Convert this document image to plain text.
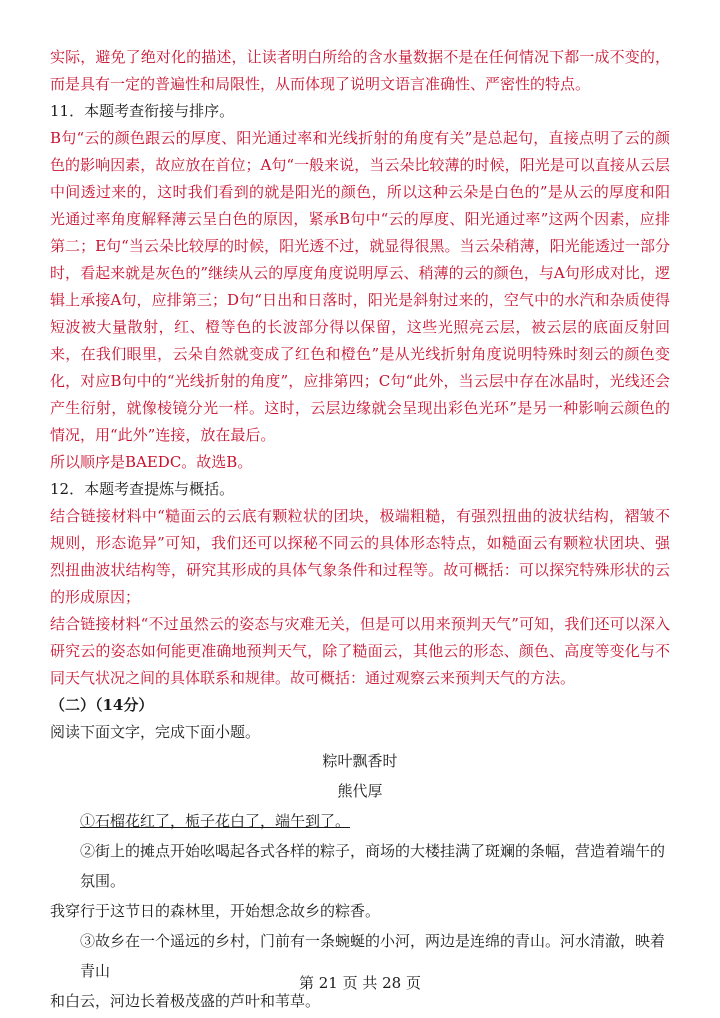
实际，避免了绝对化的描述，让读者明白所给的含水量数据不是在任何情况下都一成不变的，而是具有一定的普遍性和局限性，从而体现了说明文语言准确性、严密性的特点。

11．本题考查衔接与排序。

B句“云的颜色跟云的厚度、阳光通过率和光线折射的角度有关”是总起句，直接点明了云的颜色的影响因素，故应放在首位；A句“一般来说，当云朵比较薄的时候，阳光是可以直接从云层中间透过来的，这时我们看到的就是阳光的颜色，所以这种云朵是白色的”是从云的厚度和阳光通过率角度解释薄云呈白色的原因，紧承B句中“云的厚度、阳光通过率”这两个因素，应排第二；E句“当云朵比较厚的时候，阳光透不过，就显得很黑。当云朵稍薄，阳光能透过一部分时，看起来就是灰色的”继续从云的厚度角度说明厚云、稍薄的云的颜色，与A句形成对比，逻辑上承接A句，应排第三；D句“日出和日落时，阳光是斜射过来的，空气中的水汽和杂质使得短波被大量散射，红、橙等色的长波部分得以保留，这些光照亮云层，被云层的底面反射回来，在我们眼里，云朵自然就变成了红色和橙色”是从光线折射角度说明特殊时刻云的颜色变化，对应B句中的“光线折射的角度”，应排第四；C句“此外，当云层中存在冰晶时，光线还会产生衍射，就像棱镜分光一样。这时，云层边缘就会呈现出彩色光环”是另一种影响云颜色的情况，用“此外”连接，放在最后。

所以顺序是BAEDC。故选B。

12．本题考查提炼与概括。

结合链接材料中“糙面云的云底有颗粒状的团块，极端粗糙，有强烈扭曲的波状结构，褶皱不规则，形态诡异”可知，我们还可以探秘不同云的具体形态特点，如糙面云有颗粒状团块、强烈扭曲波状结构等，研究其形成的具体气象条件和过程等。故可概括：可以探究特殊形状的云的形成原因；

结合链接材料“不过虽然云的姿态与灾难无关，但是可以用来预判天气”可知，我们还可以深入研究云的姿态如何能更准确地预判天气，除了糙面云，其他云的形态、颜色、高度等变化与不同天气状况之间的具体联系和规律。故可概括：通过观察云来预判天气的方法。

（二）（14分）

阅读下面文字，完成下面小题。

粽叶飘香时

熊代厚

①石榴花红了，栀子花白了，端午到了。

②街上的摊点开始吆喝起各式各样的粽子，商场的大楼挂满了斑斓的条幅，营造着端午的氛围。

我穿行于这节日的森林里，开始想念故乡的粽香。

③故乡在一个遥远的乡村，门前有一条蜿蜒的小河，两边是连绵的青山。河水清澈，映着青山

和白云，河边长着极茂盛的芦叶和苇草。

第 21 页 共 28 页
